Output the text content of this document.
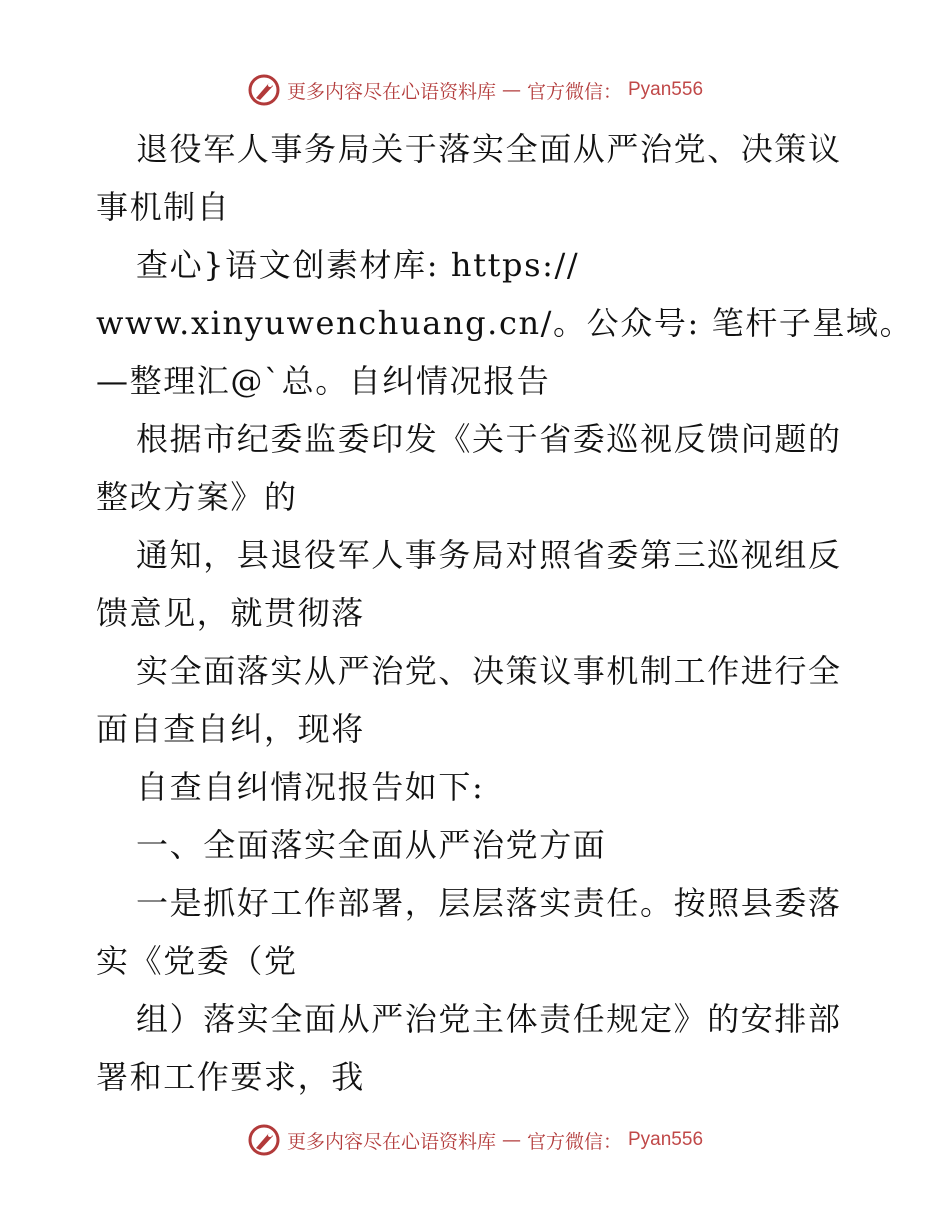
更多内容尽在心语资料库 — 官方微信： Pyan556
退役军人事务局关于落实全面从严治党、决策议
事机制自
查心}语文创素材库: https://
www.xinyuwenchuang.cn/。公众号: 笔杆子星域。
—整理汇@`总。自纠情况报告
根据市纪委监委印发《关于省委巡视反馈问题的
整改方案》的
通知，县退役军人事务局对照省委第三巡视组反
馈意见，就贯彻落
实全面落实从严治党、决策议事机制工作进行全
面自查自纠，现将
自查自纠情况报告如下:
一、全面落实全面从严治党方面
一是抓好工作部署，层层落实责任。按照县委落
实《党委（党
组）落实全面从严治党主体责任规定》的安排部
署和工作要求，我
更多内容尽在心语资料库 — 官方微信： Pyan556
